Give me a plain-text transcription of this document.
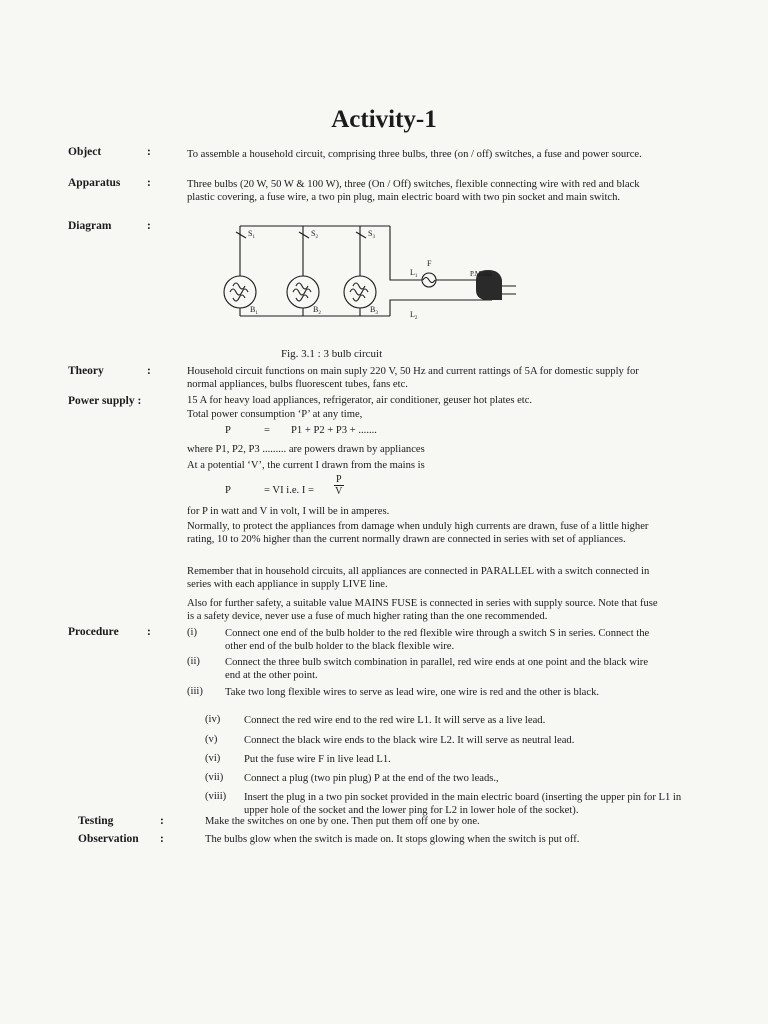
Activity-1
Object	:	To assemble a household circuit, comprising three bulbs, three (on / off) switches, a fuse and power source.
Apparatus :	Three bulbs (20 W, 50 W & 100 W), three (On / Off) switches, flexible connecting wire with red and black plastic covering, a fuse wire, a two pin plug, main electric board with two pin socket and main switch.
Diagram	:
$S_1$	$S_2$	$S_3$
$B_1$	$B_2$	$B_3$
F
$L_1$
$L_2$
P.Mains
Fig. 3.1 : 3 bulb circuit
Theory	:	Household circuit functions on main suply 220 V, 50 Hz and current rattings of 5A for domestic supply for normal appliances, bulbs fluorescent tubes, fans etc.
Power supply :	15 A for heavy load appliances, refrigerator, air conditioner, geuser hot plates etc.
Total power consumption ‘P’ at any time,
P	= P1 + P2 + P3 + .......
where P1, P2, P3 ......... are powers drawn by appliances
At a potential ‘V’, the current I drawn from the mains is
P	= VI i.e. $I = \frac{P}{V}$
for P in watt and V in volt, I will be in amperes.
Normally, to protect the appliances from damage when unduly high currents are drawn, fuse of a little higher rating, 10 to 20% higher than the current normally drawn are connected in series with set of appliances.
Remember that in household circuits, all appliances are connected in PARALLEL with a switch connected in series with each appliance in supply LIVE line.
Also for further safety, a suitable value MAINS FUSE is connected in series with supply source. Note that fuse is a safety device, never use a fuse of much higher rating than the one recommended.
Procedure :	(i)	Connect one end of the bulb holder to the red flexible wire through a switch S in series. Connect the other end of the bulb holder to the black flexible wire.
(ii) Connect the three bulb switch combination in parallel, red wire ends at one point and the black wire end at the other point.
(iii) Take two long flexible wires to serve as lead wire, one wire is red and the other is black.
(iv) Connect the red wire end to the red wire L1. It will serve as a live lead.
(v)	Connect the black wire ends to the black wire L2. It will serve as neutral lead.
(vi) Put the fuse wire F in live lead L1.
(vii) Connect a plug (two pin plug) P at the end of the two leads.,
(viii) Insert the plug in a two pin socket provided in the main electric board (inserting the upper pin for L1 in upper hole of the socket and the lower ping for L2 in lower hole of the socket).
Testing	:	Make the switches on one by one. Then put them off one by one.
Observation :	The bulbs glow when the switch is made on. It stops glowing when the switch is put off.
